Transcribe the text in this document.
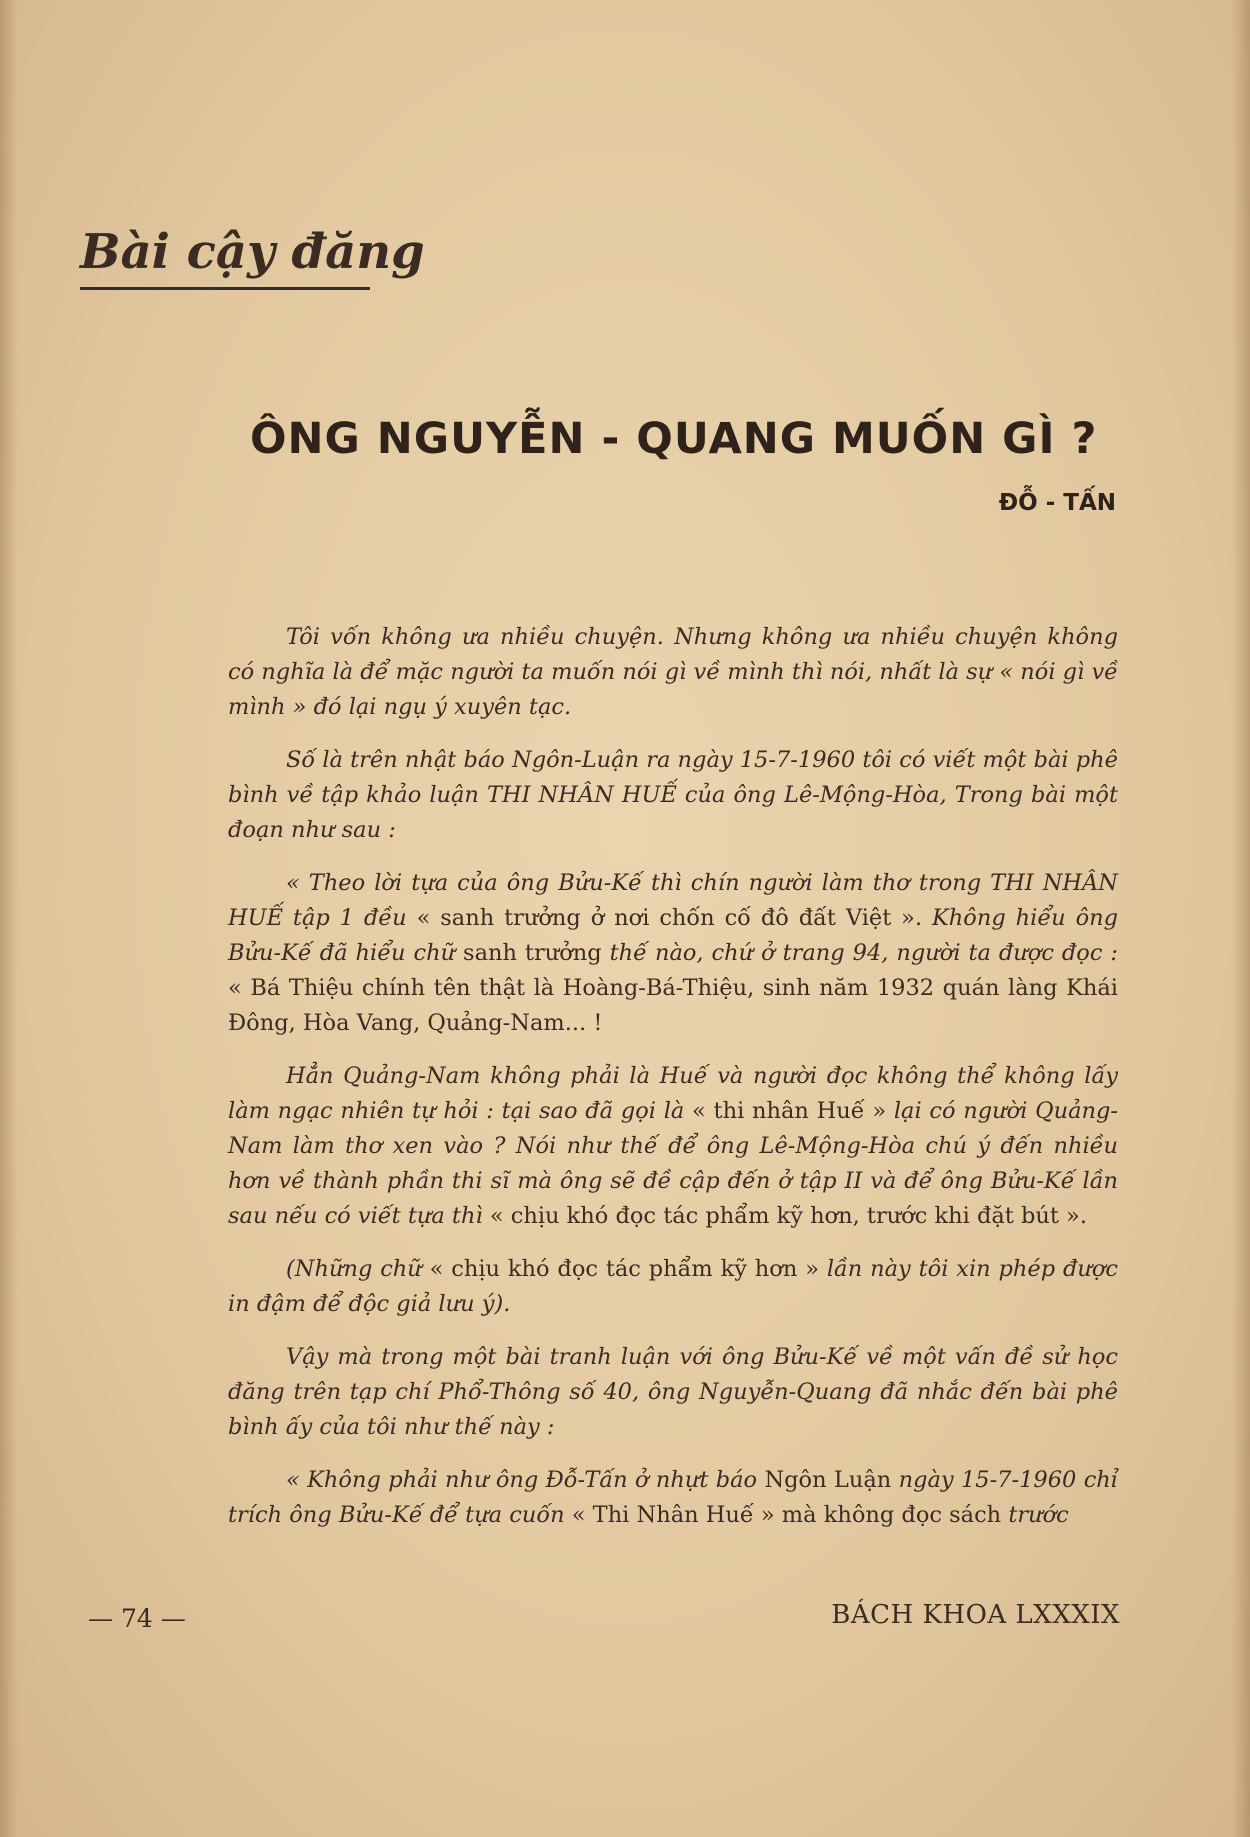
Bài cậy đăng
ÔNG NGUYỄN - QUANG MUỐN GÌ ?

ĐỖ - TẤN

Tôi vốn không ưa nhiều chuyện. Nhưng không ưa nhiều chuyện không có nghĩa là để mặc người ta muốn nói gì về mình thì nói, nhất là sự « nói gì về mình » đó lại ngụ ý xuyên tạc.

Số là trên nhật báo Ngôn-Luận ra ngày 15-7-1960 tôi có viết một bài phê bình về tập khảo luận THI NHÂN HUẾ của ông Lê-Mộng-Hòa, Trong bài một đoạn như sau :

« Theo lời tựa của ông Bửu-Kế thì chín người làm thơ trong THI NHÂN HUẾ tập 1 đều « sanh trưởng ở nơi chốn cố đô đất Việt ». Không hiểu ông Bửu-Kế đã hiểu chữ sanh trưởng thế nào, chứ ở trang 94, người ta được đọc : « Bá Thiệu chính tên thật là Hoàng-Bá-Thiệu, sinh năm 1932 quán làng Khái Đông, Hòa Vang, Quảng-Nam... !

Hẳn Quảng-Nam không phải là Huế và người đọc không thể không lấy làm ngạc nhiên tự hỏi : tại sao đã gọi là « thi nhân Huế » lại có người Quảng-Nam làm thơ xen vào ? Nói như thế để ông Lê-Mộng-Hòa chú ý đến nhiều hơn về thành phần thi sĩ mà ông sẽ đề cập đến ở tập II và để ông Bửu-Kế lần sau nếu có viết tựa thì « chịu khó đọc tác phẩm kỹ hơn, trước khi đặt bút ».

(Những chữ « chịu khó đọc tác phẩm kỹ hơn » lần này tôi xin phép được in đậm để độc giả lưu ý).

Vậy mà trong một bài tranh luận với ông Bửu-Kế về một vấn đề sử học đăng trên tạp chí Phổ-Thông số 40, ông Nguyễn-Quang đã nhắc đến bài phê bình ấy của tôi như thế này :

« Không phải như ông Đỗ-Tấn ở nhựt báo Ngôn Luận ngày 15-7-1960 chỉ trích ông Bửu-Kế để tựa cuốn « Thi Nhân Huế » mà không đọc sách trước

— 74 —	BÁCH KHOA LXXXIX
